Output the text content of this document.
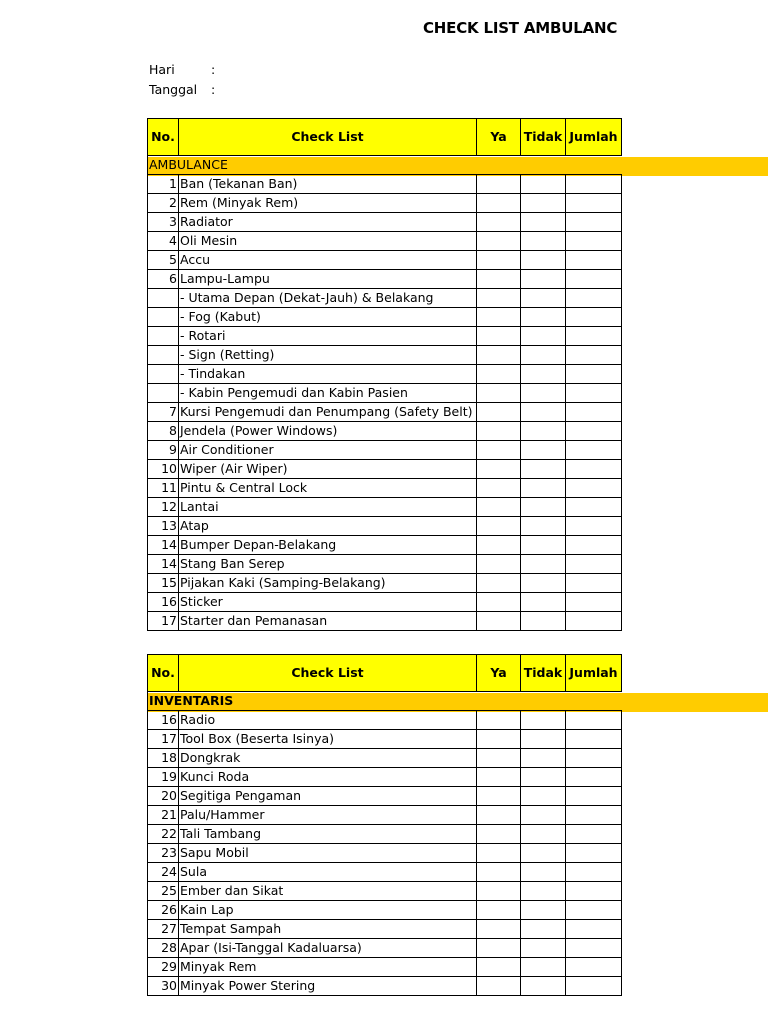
CHECK LIST AMBULANC
Hari	:
Tanggal :
No.	Check List	Ya	Tidak	Jumlah
AMBULANCE				
1	Ban (Tekanan Ban)			
2	Rem (Minyak Rem)			
3	Radiator			
4	Oli Mesin			
5	Accu			
6	Lampu-Lampu			
	- Utama Depan (Dekat-Jauh) & Belakang			
	- Fog (Kabut)			
	- Rotari			
	- Sign (Retting)			
	- Tindakan			
	- Kabin Pengemudi dan Kabin Pasien			
7	Kursi Pengemudi dan Penumpang (Safety Belt)			
8	Jendela (Power Windows)			
9	Air Conditioner			
10	Wiper (Air Wiper)			
11	Pintu & Central Lock			
12	Lantai			
13	Atap			
14	Bumper Depan-Belakang			
14	Stang Ban Serep			
15	Pijakan Kaki (Samping-Belakang)			
16	Sticker			
17	Starter dan Pemanasan			
No.	Check List	Ya	Tidak	Jumlah
INVENTARIS				
16	Radio			
17	Tool Box (Beserta Isinya)			
18	Dongkrak			
19	Kunci Roda			
20	Segitiga Pengaman			
21	Palu/Hammer			
22	Tali Tambang			
23	Sapu Mobil			
24	Sula			
25	Ember dan Sikat			
26	Kain Lap			
27	Tempat Sampah			
28	Apar (Isi-Tanggal Kadaluarsa)			
29	Minyak Rem			
30	Minyak Power Stering			
